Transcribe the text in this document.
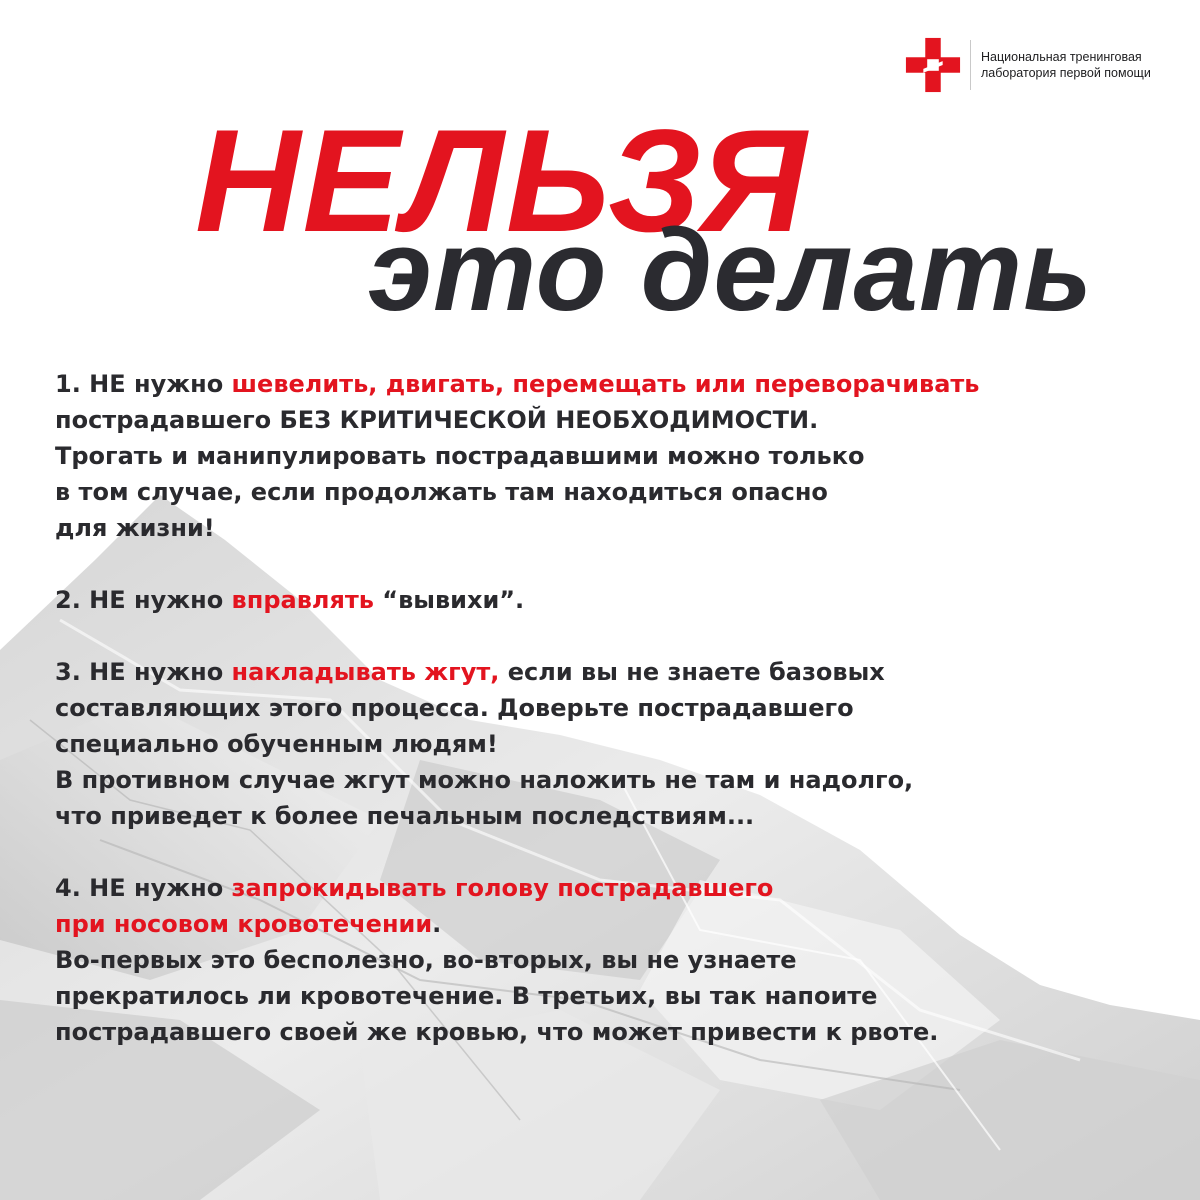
Национальная тренинговая
лаборатория первой помощи
НЕЛЬЗЯ
это делать
1. НЕ нужно шевелить, двигать, перемещать или переворачивать
пострадавшего БЕЗ КРИТИЧЕСКОЙ НЕОБХОДИМОСТИ.
Трогать и манипулировать пострадавшими можно только
в том случае, если продолжать там находиться опасно
для жизни!
2. НЕ нужно вправлять “вывихи”.
3. НЕ нужно накладывать жгут, если вы не знаете базовых
составляющих этого процесса. Доверьте пострадавшего
специально обученным людям!
В противном случае жгут можно наложить не там и надолго,
что приведет к более печальным последствиям...
4. НЕ нужно запрокидывать голову пострадавшего
при носовом кровотечении.
Во-первых это бесполезно, во-вторых, вы не узнаете
прекратилось ли кровотечение. В третьих, вы так напоите
пострадавшего своей же кровью, что может привести к рвоте.
